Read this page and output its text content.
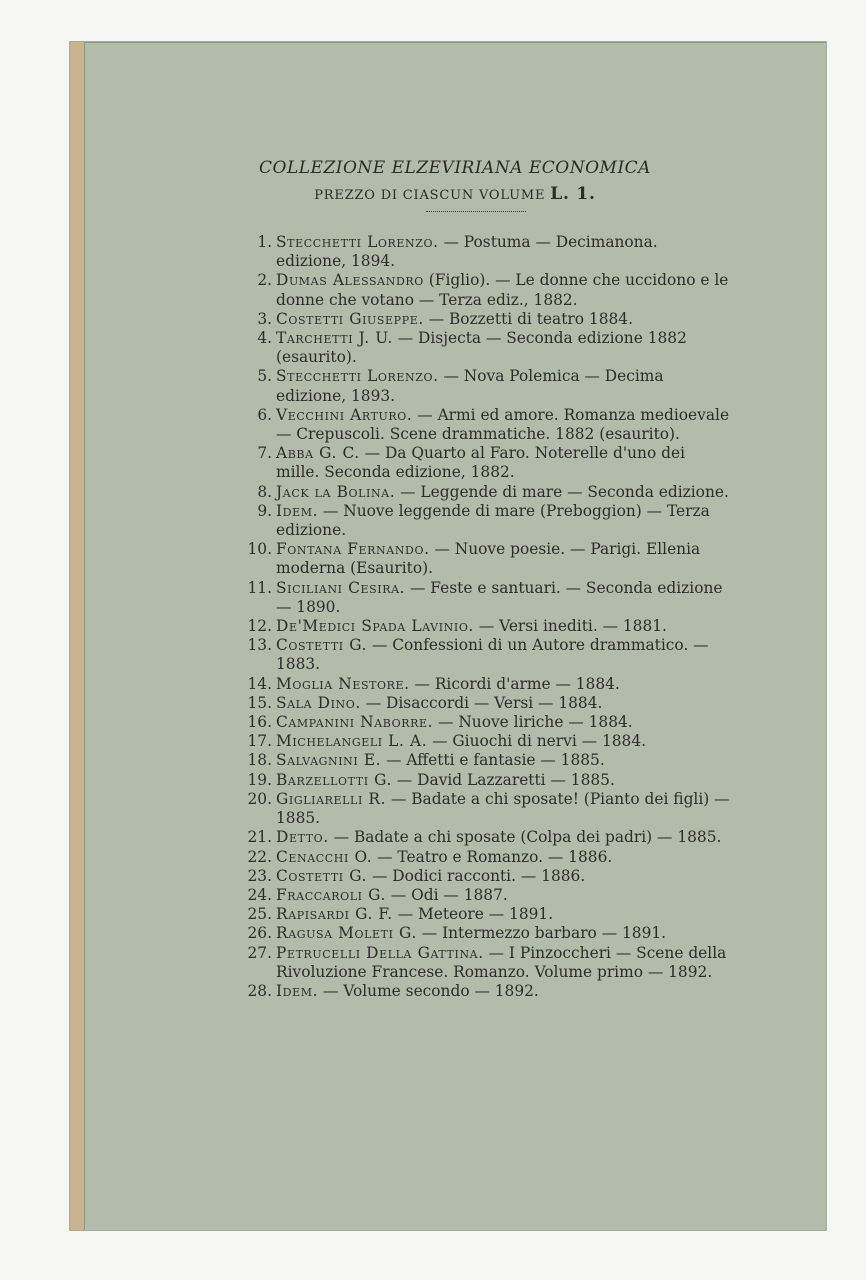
COLLEZIONE ELZEVIRIANA ECONOMICA
PREZZO DI CIASCUN VOLUME L. 1.
1. Stecchetti Lorenzo. — Postuma — Decimanona. edizione, 1894.
2. Dumas Alessandro (Figlio). — Le donne che uccidono e le donne che votano — Terza ediz., 1882.
3. Costetti Giuseppe. — Bozzetti di teatro 1884.
4. Tarchetti J. U. — Disjecta — Seconda edizione 1882 (esaurito).
5. Stecchetti Lorenzo. — Nova Polemica — Decima edizione, 1893.
6. Vecchini Arturo. — Armi ed amore. Romanza medioevale — Crepuscoli. Scene drammatiche. 1882 (esaurito).
7. Abba G. C. — Da Quarto al Faro. Noterelle d'uno dei mille. Seconda edizione, 1882.
8. Jack la Bolina. — Leggende di mare — Seconda edizione.
9. Idem. — Nuove leggende di mare (Preboggion) — Terza edizione.
10. Fontana Fernando. — Nuove poesie. — Parigi. Ellenia moderna (Esaurito).
11. Siciliani Cesira. — Feste e santuari. — Seconda edizione — 1890.
12. De'Medici Spada Lavinio. — Versi inediti. — 1881.
13. Costetti G. — Confessioni di un Autore drammatico. — 1883.
14. Moglia Nestore. — Ricordi d'arme — 1884.
15. Sala Dino. — Disaccordi — Versi — 1884.
16. Campanini Naborre. — Nuove liriche — 1884.
17. Michelangeli L. A. — Giuochi di nervi — 1884.
18. Salvagnini E. — Affetti e fantasie — 1885.
19. Barzellotti G. — David Lazzaretti — 1885.
20. Gigliarelli R. — Badate a chi sposate! (Pianto dei figli) — 1885.
21. Detto. — Badate a chi sposate (Colpa dei padri) — 1885.
22. Cenacchi O. — Teatro e Romanzo. — 1886.
23. Costetti G. — Dodici racconti. — 1886.
24. Fraccaroli G. — Odi — 1887.
25. Rapisardi G. F. — Meteore — 1891.
26. Ragusa Moleti G. — Intermezzo barbaro — 1891.
27. Petrucelli Della Gattina. — I Pinzoccheri — Scene della Rivoluzione Francese. Romanzo. Volume primo — 1892.
28. Idem. — Volume secondo — 1892.
